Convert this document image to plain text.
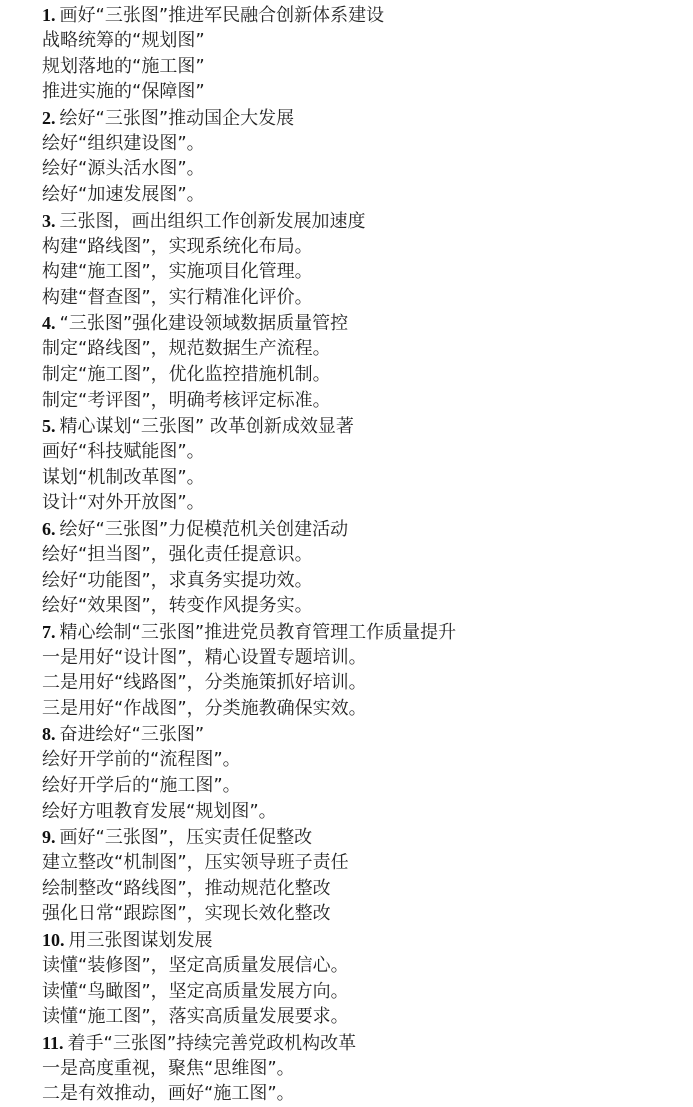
1. 画好“三张图”推进军民融合创新体系建设
战略统筹的“规划图”
规划落地的“施工图”
推进实施的“保障图”
2. 绘好“三张图”推动国企大发展
绘好“组织建设图”。
绘好“源头活水图”。
绘好“加速发展图”。
3. 三张图，画出组织工作创新发展加速度
构建“路线图”，实现系统化布局。
构建“施工图”，实施项目化管理。
构建“督查图”，实行精准化评价。
4. “三张图”强化建设领域数据质量管控
制定“路线图”，规范数据生产流程。
制定“施工图”，优化监控措施机制。
制定“考评图”，明确考核评定标准。
5. 精心谋划“三张图” 改革创新成效显著
画好“科技赋能图”。
谋划“机制改革图”。
设计“对外开放图”。
6. 绘好“三张图”力促模范机关创建活动
绘好“担当图”，强化责任提意识。
绘好“功能图”，求真务实提功效。
绘好“效果图”，转变作风提务实。
7. 精心绘制“三张图”推进党员教育管理工作质量提升
一是用好“设计图”，精心设置专题培训。
二是用好“线路图”，分类施策抓好培训。
三是用好“作战图”，分类施教确保实效。
8. 奋进绘好“三张图”
绘好开学前的“流程图”。
绘好开学后的“施工图”。
绘好方咀教育发展“规划图”。
9. 画好“三张图”，压实责任促整改
建立整改“机制图”，压实领导班子责任
绘制整改“路线图”，推动规范化整改
强化日常“跟踪图”，实现长效化整改
10. 用三张图谋划发展
读懂“装修图”，坚定高质量发展信心。
读懂“鸟瞰图”，坚定高质量发展方向。
读懂“施工图”，落实高质量发展要求。
11. 着手“三张图”持续完善党政机构改革
一是高度重视，聚焦“思维图”。
二是有效推动，画好“施工图”。
